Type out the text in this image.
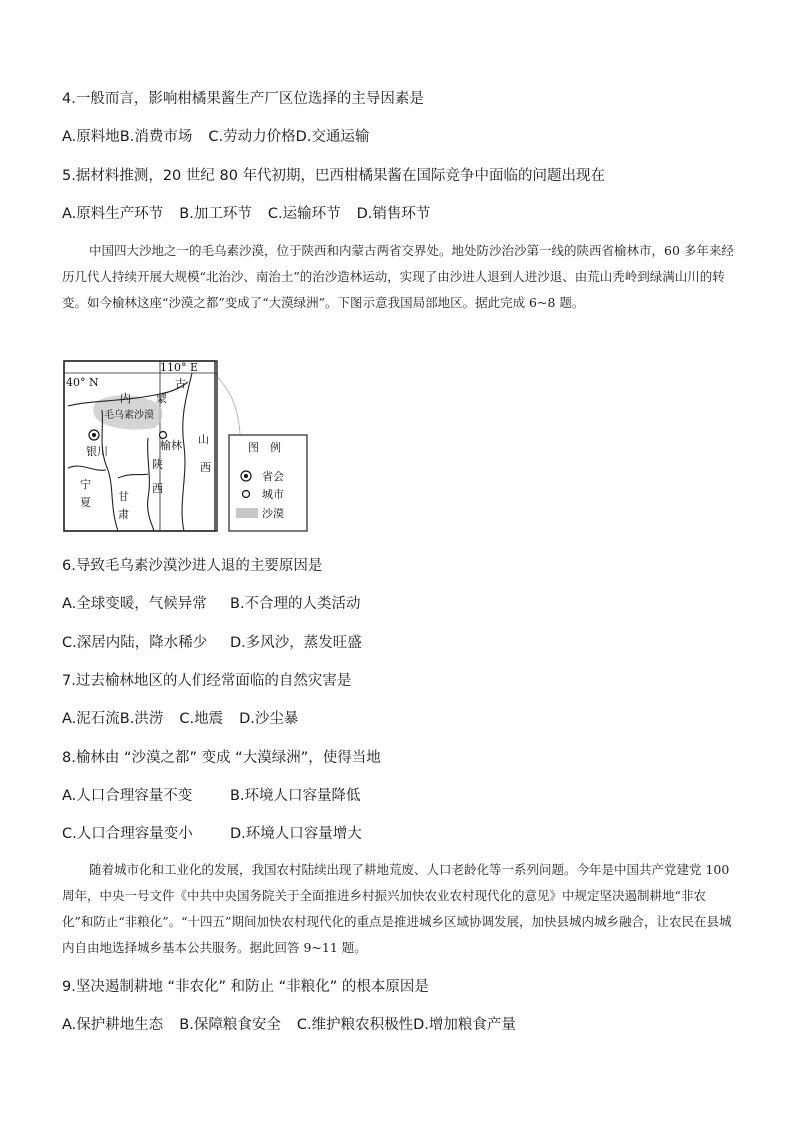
4.一般而言，影响柑橘果酱生产厂区位选择的主导因素是
A.原料地B.消费市场 C.劳动力价格D.交通运输
5.据材料推测，20 世纪 80 年代初期，巴西柑橘果酱在国际竞争中面临的问题出现在
A.原料生产环节 B.加工环节 C.运输环节 D.销售环节
中国四大沙地之一的毛乌素沙漠，位于陕西和内蒙古两省交界处。地处防沙治沙第一线的陕西省榆林市，60 多年来经历几代人持续开展大规模“北治沙、南治土”的治沙造林运动，实现了由沙进人退到人进沙退、由荒山秃岭到绿满山川的转变。如今榆林这座“沙漠之都”变成了“大漠绿洲”。下图示意我国局部地区。据此完成 6~8 题。
110° E
40° N	古
内 蒙
毛乌素沙漠
山
西
陕
西
宁
夏 甘
肃
银川	榆林	图　例
省会
城市
沙漠
6.导致毛乌素沙漠沙进人退的主要原因是
A.全球变暖，气候异常 B.不合理的人类活动
C.深居内陆，降水稀少 D.多风沙，蒸发旺盛
7.过去榆林地区的人们经常面临的自然灾害是
A.泥石流B.洪涝 C.地震 D.沙尘暴
8.榆林由 “沙漠之都” 变成 “大漠绿洲”，使得当地
A.人口合理容量不变	B.环境人口容量降低
C.人口合理容量变小	D.环境人口容量增大
随着城市化和工业化的发展，我国农村陆续出现了耕地荒废、人口老龄化等一系列问题。今年是中国共产党建党 100 周年，中央一号文件《中共中央国务院关于全面推进乡村振兴加快农业农村现代化的意见》中规定坚决遏制耕地“非农化”和防止“非粮化”。“十四五”期间加快农村现代化的重点是推进城乡区域协调发展，加快县城内城乡融合，让农民在县城内自由地选择城乡基本公共服务。据此回答 9~11 题。
9.坚决遏制耕地 “非农化” 和防止 “非粮化” 的根本原因是
A.保护耕地生态 B.保障粮食安全 C.维护粮农积极性D.增加粮食产量
